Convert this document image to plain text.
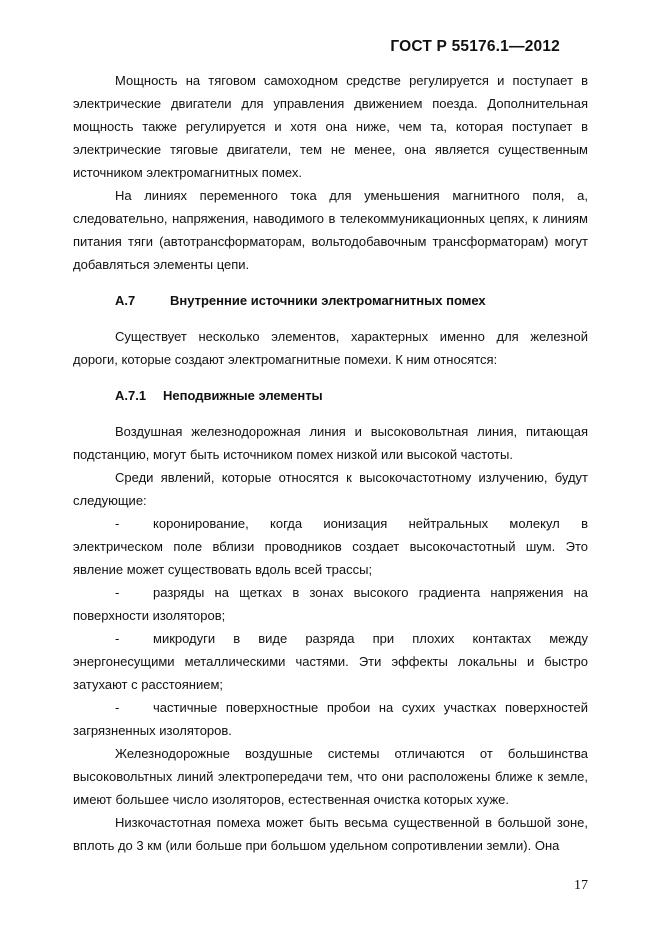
ГОСТ Р 55176.1—2012

Мощность на тяговом самоходном средстве регулируется и поступает в электрические двигатели для управления движением поезда. Дополнительная мощность также регулируется и хотя она ниже, чем та, которая поступает в электрические тяговые двигатели, тем не менее, она является существенным источником электромагнитных помех.

На линиях переменного тока для уменьшения магнитного поля, а, следовательно, напряжения, наводимого в телекоммуникационных цепях, к линиям питания тяги (автотрансформаторам, вольтодобавочным трансформаторам) могут добавляться элементы цепи.

А.7	Внутренние источники электромагнитных помех

Существует несколько элементов, характерных именно для железной дороги, которые создают электромагнитные помехи. К ним относятся:

А.7.1 Неподвижные элементы

Воздушная железнодорожная линия и высоковольтная линия, питающая подстанцию, могут быть источником помех низкой или высокой частоты.

Среди явлений, которые относятся к высокочастотному излучению, будут следующие:

-	коронирование, когда ионизация нейтральных молекул в электрическом поле вблизи проводников создает высокочастотный шум. Это явление может существовать вдоль всей трассы;

-	разряды на щетках в зонах высокого градиента напряжения на поверхности изоляторов;

-	микродуги в виде разряда при плохих контактах между энергонесущими металлическими частями. Эти эффекты локальны и быстро затухают с расстоянием;

-	частичные поверхностные пробои на сухих участках поверхностей загрязненных изоляторов.

Железнодорожные воздушные системы отличаются от большинства высоковольтных линий электропередачи тем, что они расположены ближе к земле, имеют большее число изоляторов, естественная очистка которых хуже.

Низкочастотная помеха может быть весьма существенной в большой зоне, вплоть до 3 км (или больше при большом удельном сопротивлении земли). Она

17
